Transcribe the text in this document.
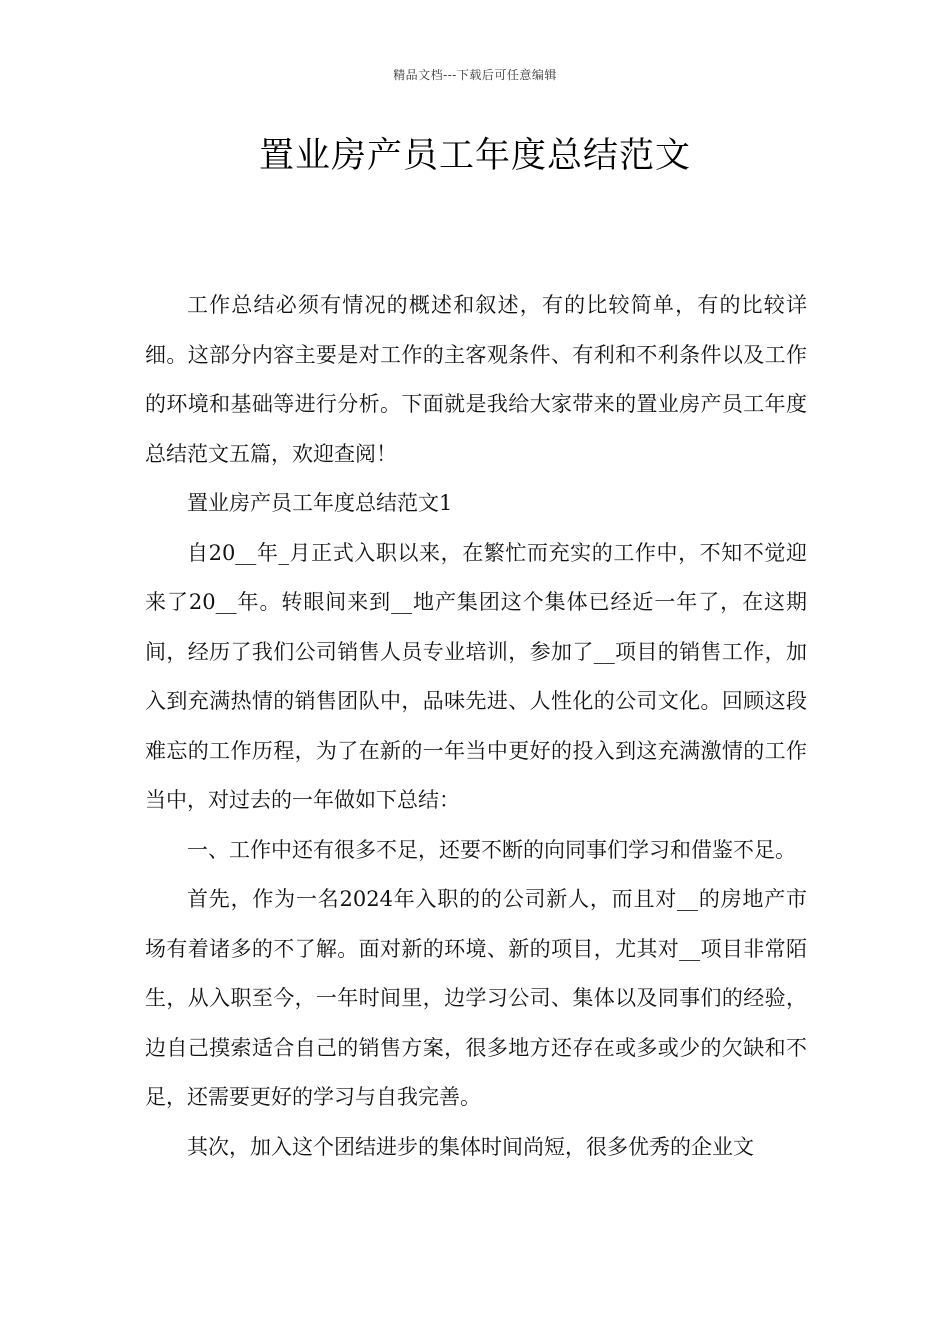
精品文档---下载后可任意编辑
置业房产员工年度总结范文

工作总结必须有情况的概述和叙述，有的比较简单，有的比较详细。这部分内容主要是对工作的主客观条件、有利和不利条件以及工作的环境和基础等进行分析。下面就是我给大家带来的置业房产员工年度总结范文五篇，欢迎查阅！

置业房产员工年度总结范文1

自20__年_月正式入职以来，在繁忙而充实的工作中，不知不觉迎来了20__年。转眼间来到__地产集团这个集体已经近一年了，在这期间，经历了我们公司销售人员专业培训，参加了__项目的销售工作，加入到充满热情的销售团队中，品味先进、人性化的公司文化。回顾这段难忘的工作历程，为了在新的一年当中更好的投入到这充满激情的工作当中，对过去的一年做如下总结：

一、工作中还有很多不足，还要不断的向同事们学习和借鉴不足。

首先，作为一名2024年入职的的公司新人，而且对__的房地产市场有着诸多的不了解。面对新的环境、新的项目，尤其对__项目非常陌生，从入职至今，一年时间里，边学习公司、集体以及同事们的经验，边自己摸索适合自己的销售方案，很多地方还存在或多或少的欠缺和不足，还需要更好的学习与自我完善。

其次，加入这个团结进步的集体时间尚短，很多优秀的企业文
